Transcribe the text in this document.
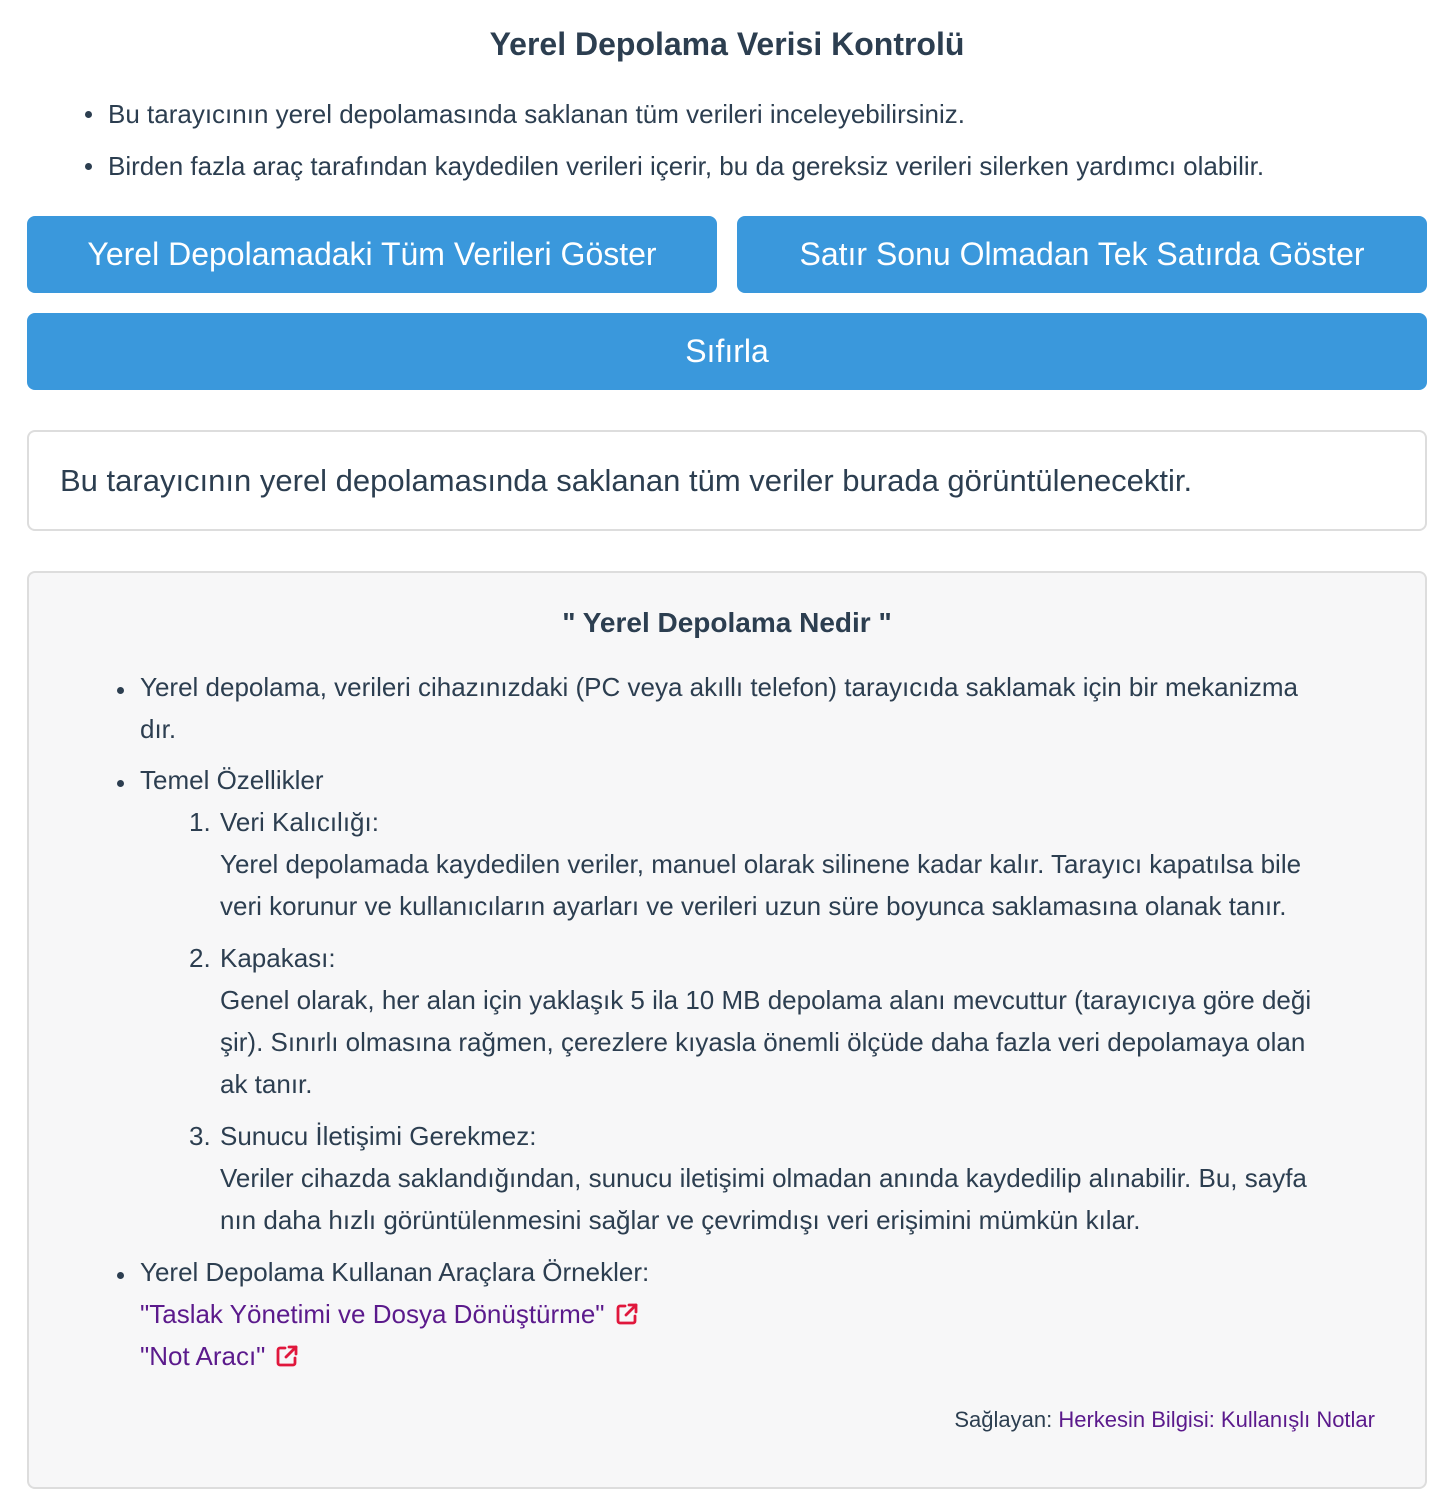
Yerel Depolama Verisi Kontrolü
Bu tarayıcının yerel depolamasında saklanan tüm verileri inceleyebilirsiniz.
Birden fazla araç tarafından kaydedilen verileri içerir, bu da gereksiz verileri silerken yardımcı olabilir.
Yerel Depolamadaki Tüm Verileri Göster	Satır Sonu Olmadan Tek Satırda Göster
Sıfırla
Bu tarayıcının yerel depolamasında saklanan tüm veriler burada görüntülenecektir.
" Yerel Depolama Nedir "
Yerel depolama, verileri cihazınızdaki (PC veya akıllı telefon) tarayıcıda saklamak için bir mekanizma
dır.
Temel Özellikler
1. Veri Kalıcılığı:
Yerel depolamada kaydedilen veriler, manuel olarak silinene kadar kalır. Tarayıcı kapatılsa bile
veri korunur ve kullanıcıların ayarları ve verileri uzun süre boyunca saklamasına olanak tanır.
2. Kapakası:
Genel olarak, her alan için yaklaşık 5 ila 10 MB depolama alanı mevcuttur (tarayıcıya göre deği
şir). Sınırlı olmasına rağmen, çerezlere kıyasla önemli ölçüde daha fazla veri depolamaya olan
ak tanır.
3. Sunucu İletişimi Gerekmez:
Veriler cihazda saklandığından, sunucu iletişimi olmadan anında kaydedilip alınabilir. Bu, sayfa
nın daha hızlı görüntülenmesini sağlar ve çevrimdışı veri erişimini mümkün kılar.
Yerel Depolama Kullanan Araçlara Örnekler:
"Taslak Yönetimi ve Dosya Dönüştürme"
"Not Aracı"
Sağlayan: Herkesin Bilgisi: Kullanışlı Notlar
